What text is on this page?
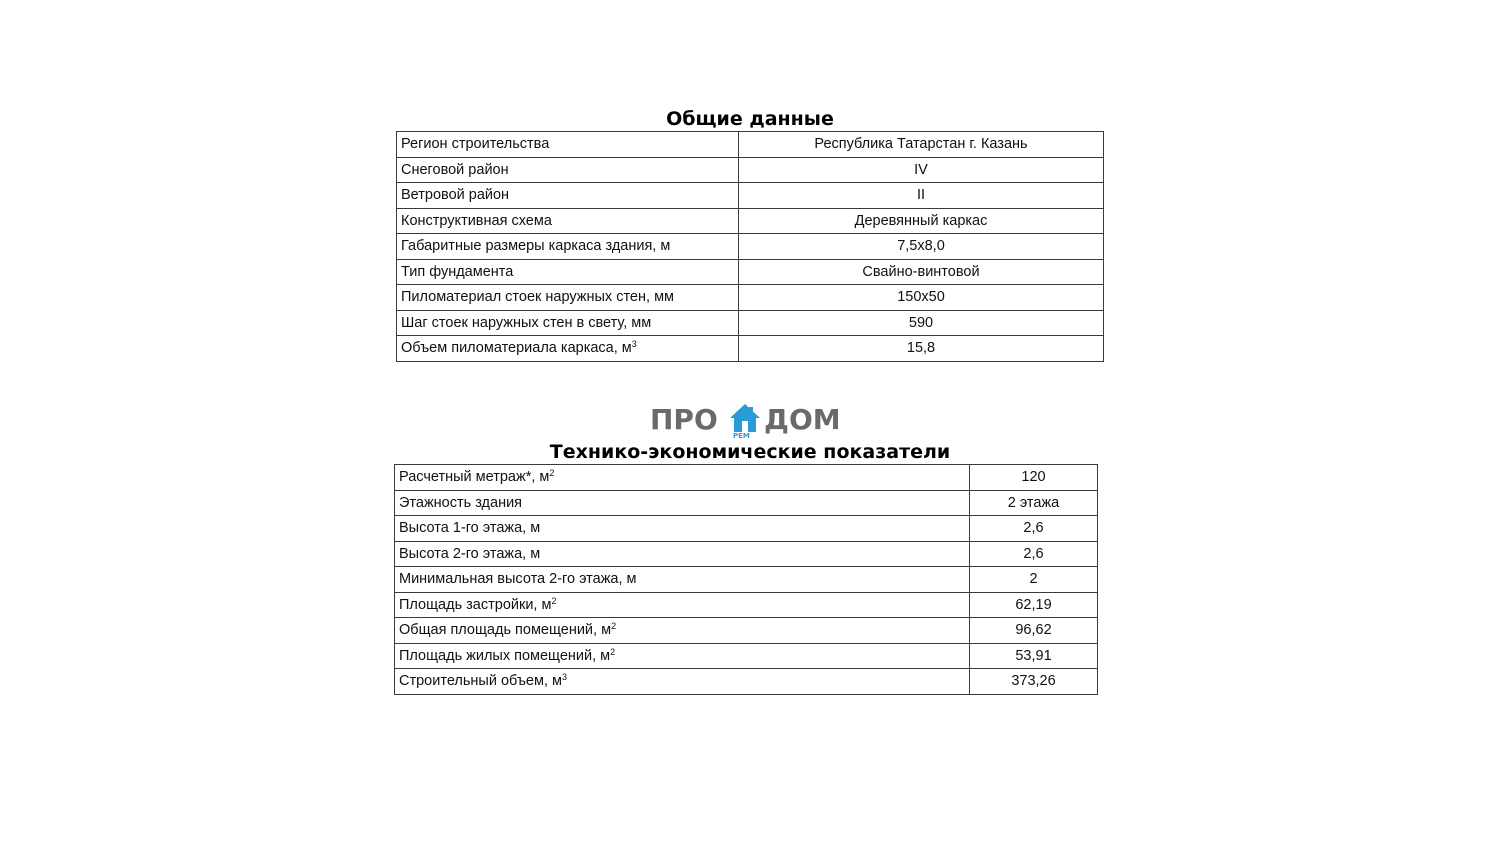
Общие данные
Регион строительства	Республика Татарстан г. Казань
Снеговой район	IV
Ветровой район	II
Конструктивная схема	Деревянный каркас
Габаритные размеры каркаса здания, м	7,5х8,0
Тип фундамента	Свайно-винтовой
Пиломатериал стоек наружных стен, мм	150х50
Шаг стоек наружных стен в свету, мм	590
Объем пиломатериала каркаса, $м^3$	15,8
ПРО РЕМ ДОМ
Технико-экономические показатели
Расчетный метраж*, $м^2$	120
Этажность здания	2 этажа
Высота 1-го этажа, м	2,6
Высота 2-го этажа, м	2,6
Минимальная высота 2-го этажа, м	2
Площадь застройки, $м^2$	62,19
Общая площадь помещений, $м^2$	96,62
Площадь жилых помещений, $м^2$	53,91
Строительный объем, $м^3$	373,26
